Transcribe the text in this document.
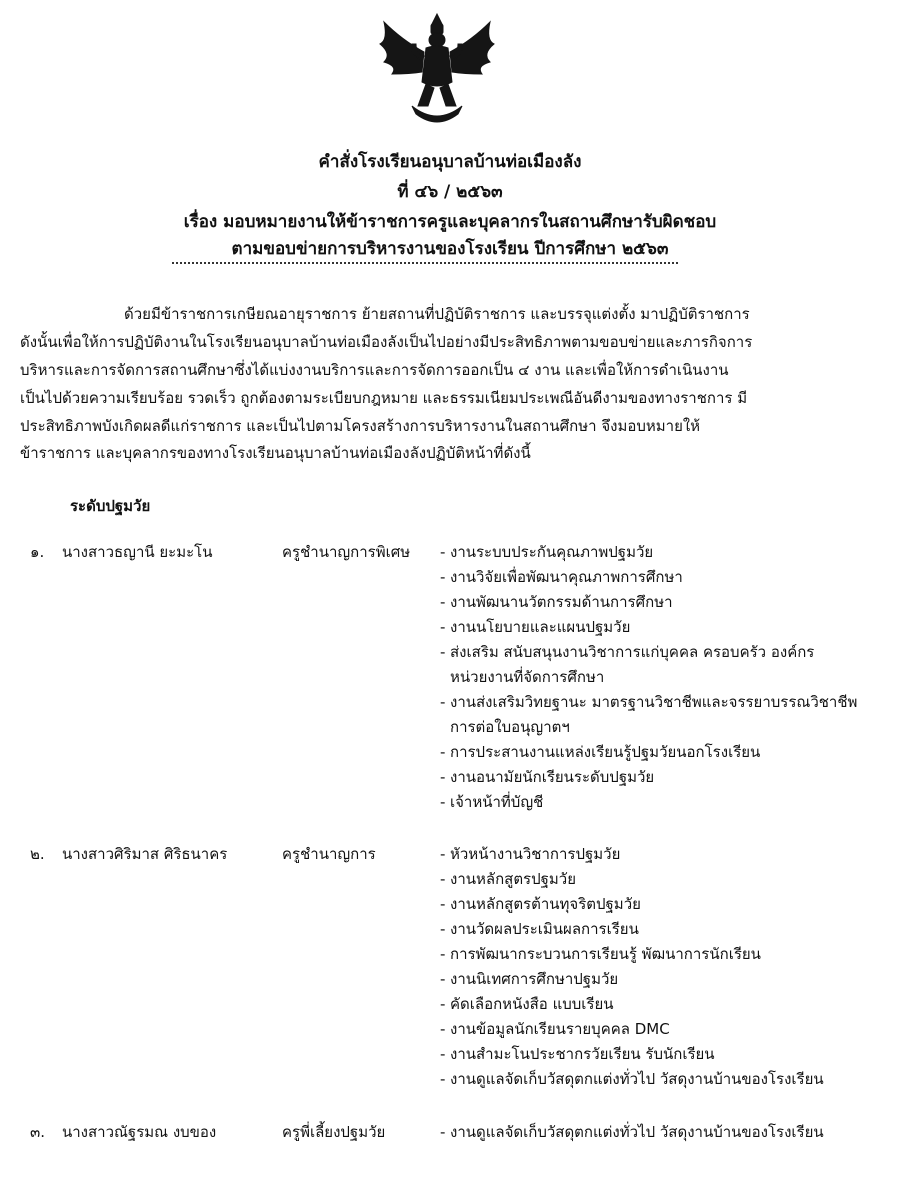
คำสั่งโรงเรียนอนุบาลบ้านท่อเมืองลัง
ที่ ๔๖ / ๒๕๖๓
เรื่อง มอบหมายงานให้ข้าราชการครูและบุคลากรในสถานศึกษารับผิดชอบ
ตามขอบข่ายการบริหารงานของโรงเรียน ปีการศึกษา ๒๕๖๓
ด้วยมีข้าราชการเกษียณอายุราชการ ย้ายสถานที่ปฏิบัติราชการ และบรรจุแต่งตั้ง มาปฏิบัติราชการ
ดังนั้นเพื่อให้การปฏิบัติงานในโรงเรียนอนุบาลบ้านท่อเมืองลังเป็นไปอย่างมีประสิทธิภาพตามขอบข่ายและภารกิจการ
บริหารและการจัดการสถานศึกษาซึ่งได้แบ่งงานบริการและการจัดการออกเป็น ๔ งาน และเพื่อให้การดำเนินงาน
เป็นไปด้วยความเรียบร้อย รวดเร็ว ถูกต้องตามระเบียบกฎหมาย และธรรมเนียมประเพณีอันดีงามของทางราชการ มี
ประสิทธิภาพบังเกิดผลดีแก่ราชการ และเป็นไปตามโครงสร้างการบริหารงานในสถานศึกษา จึงมอบหมายให้
ข้าราชการ และบุคลากรของทางโรงเรียนอนุบาลบ้านท่อเมืองลังปฏิบัติหน้าที่ดังนี้
ระดับปฐมวัย
๑. นางสาวธญานี ยะมะโน	ครูชำนาญการพิเศษ - งานระบบประกันคุณภาพปฐมวัย
- งานวิจัยเพื่อพัฒนาคุณภาพการศึกษา
- งานพัฒนานวัตกรรมด้านการศึกษา
- งานนโยบายและแผนปฐมวัย
- ส่งเสริม สนับสนุนงานวิชาการแก่บุคคล ครอบครัว องค์กร
หน่วยงานที่จัดการศึกษา
- งานส่งเสริมวิทยฐานะ มาตรฐานวิชาชีพและจรรยาบรรณวิชาชีพ
การต่อใบอนุญาตฯ
- การประสานงานแหล่งเรียนรู้ปฐมวัยนอกโรงเรียน
- งานอนามัยนักเรียนระดับปฐมวัย
- เจ้าหน้าที่บัญชี
๒. นางสาวศิริมาส ศิริธนาคร	ครูชำนาญการ	- หัวหน้างานวิชาการปฐมวัย
- งานหลักสูตรปฐมวัย
- งานหลักสูตรต้านทุจริตปฐมวัย
- งานวัดผลประเมินผลการเรียน
- การพัฒนากระบวนการเรียนรู้ พัฒนาการนักเรียน
- งานนิเทศการศึกษาปฐมวัย
- คัดเลือกหนังสือ แบบเรียน
- งานข้อมูลนักเรียนรายบุคคล DMC
- งานสำมะโนประชากรวัยเรียน รับนักเรียน
- งานดูแลจัดเก็บวัสดุตกแต่งทั่วไป วัสดุงานบ้านของโรงเรียน
๓. นางสาวณัฐรมณ งบของ	ครูพี่เลี้ยงปฐมวัย	- งานดูแลจัดเก็บวัสดุตกแต่งทั่วไป วัสดุงานบ้านของโรงเรียน
